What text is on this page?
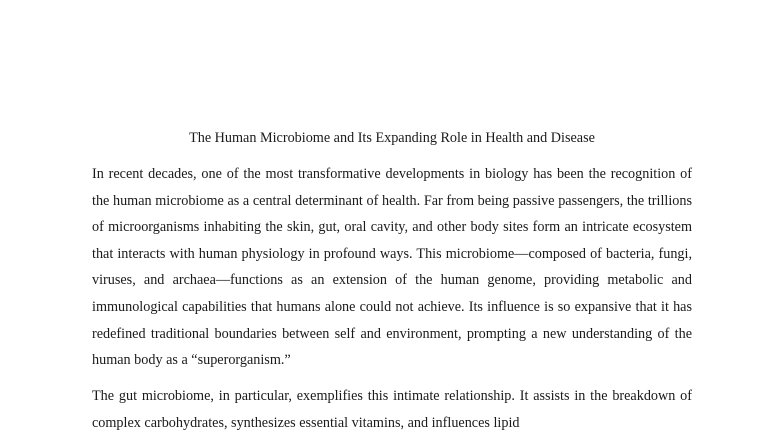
The Human Microbiome and Its Expanding Role in Health and Disease

In recent decades, one of the most transformative developments in biology has been the recognition of the human microbiome as a central determinant of health. Far from being passive passengers, the trillions of microorganisms inhabiting the skin, gut, oral cavity, and other body sites form an intricate ecosystem that interacts with human physiology in profound ways. This microbiome—composed of bacteria, fungi, viruses, and archaea—functions as an extension of the human genome, providing metabolic and immunological capabilities that humans alone could not achieve. Its influence is so expansive that it has redefined traditional boundaries between self and environment, prompting a new understanding of the human body as a “superorganism.”

The gut microbiome, in particular, exemplifies this intimate relationship. It assists in the breakdown of complex carbohydrates, synthesizes essential vitamins, and influences lipid
